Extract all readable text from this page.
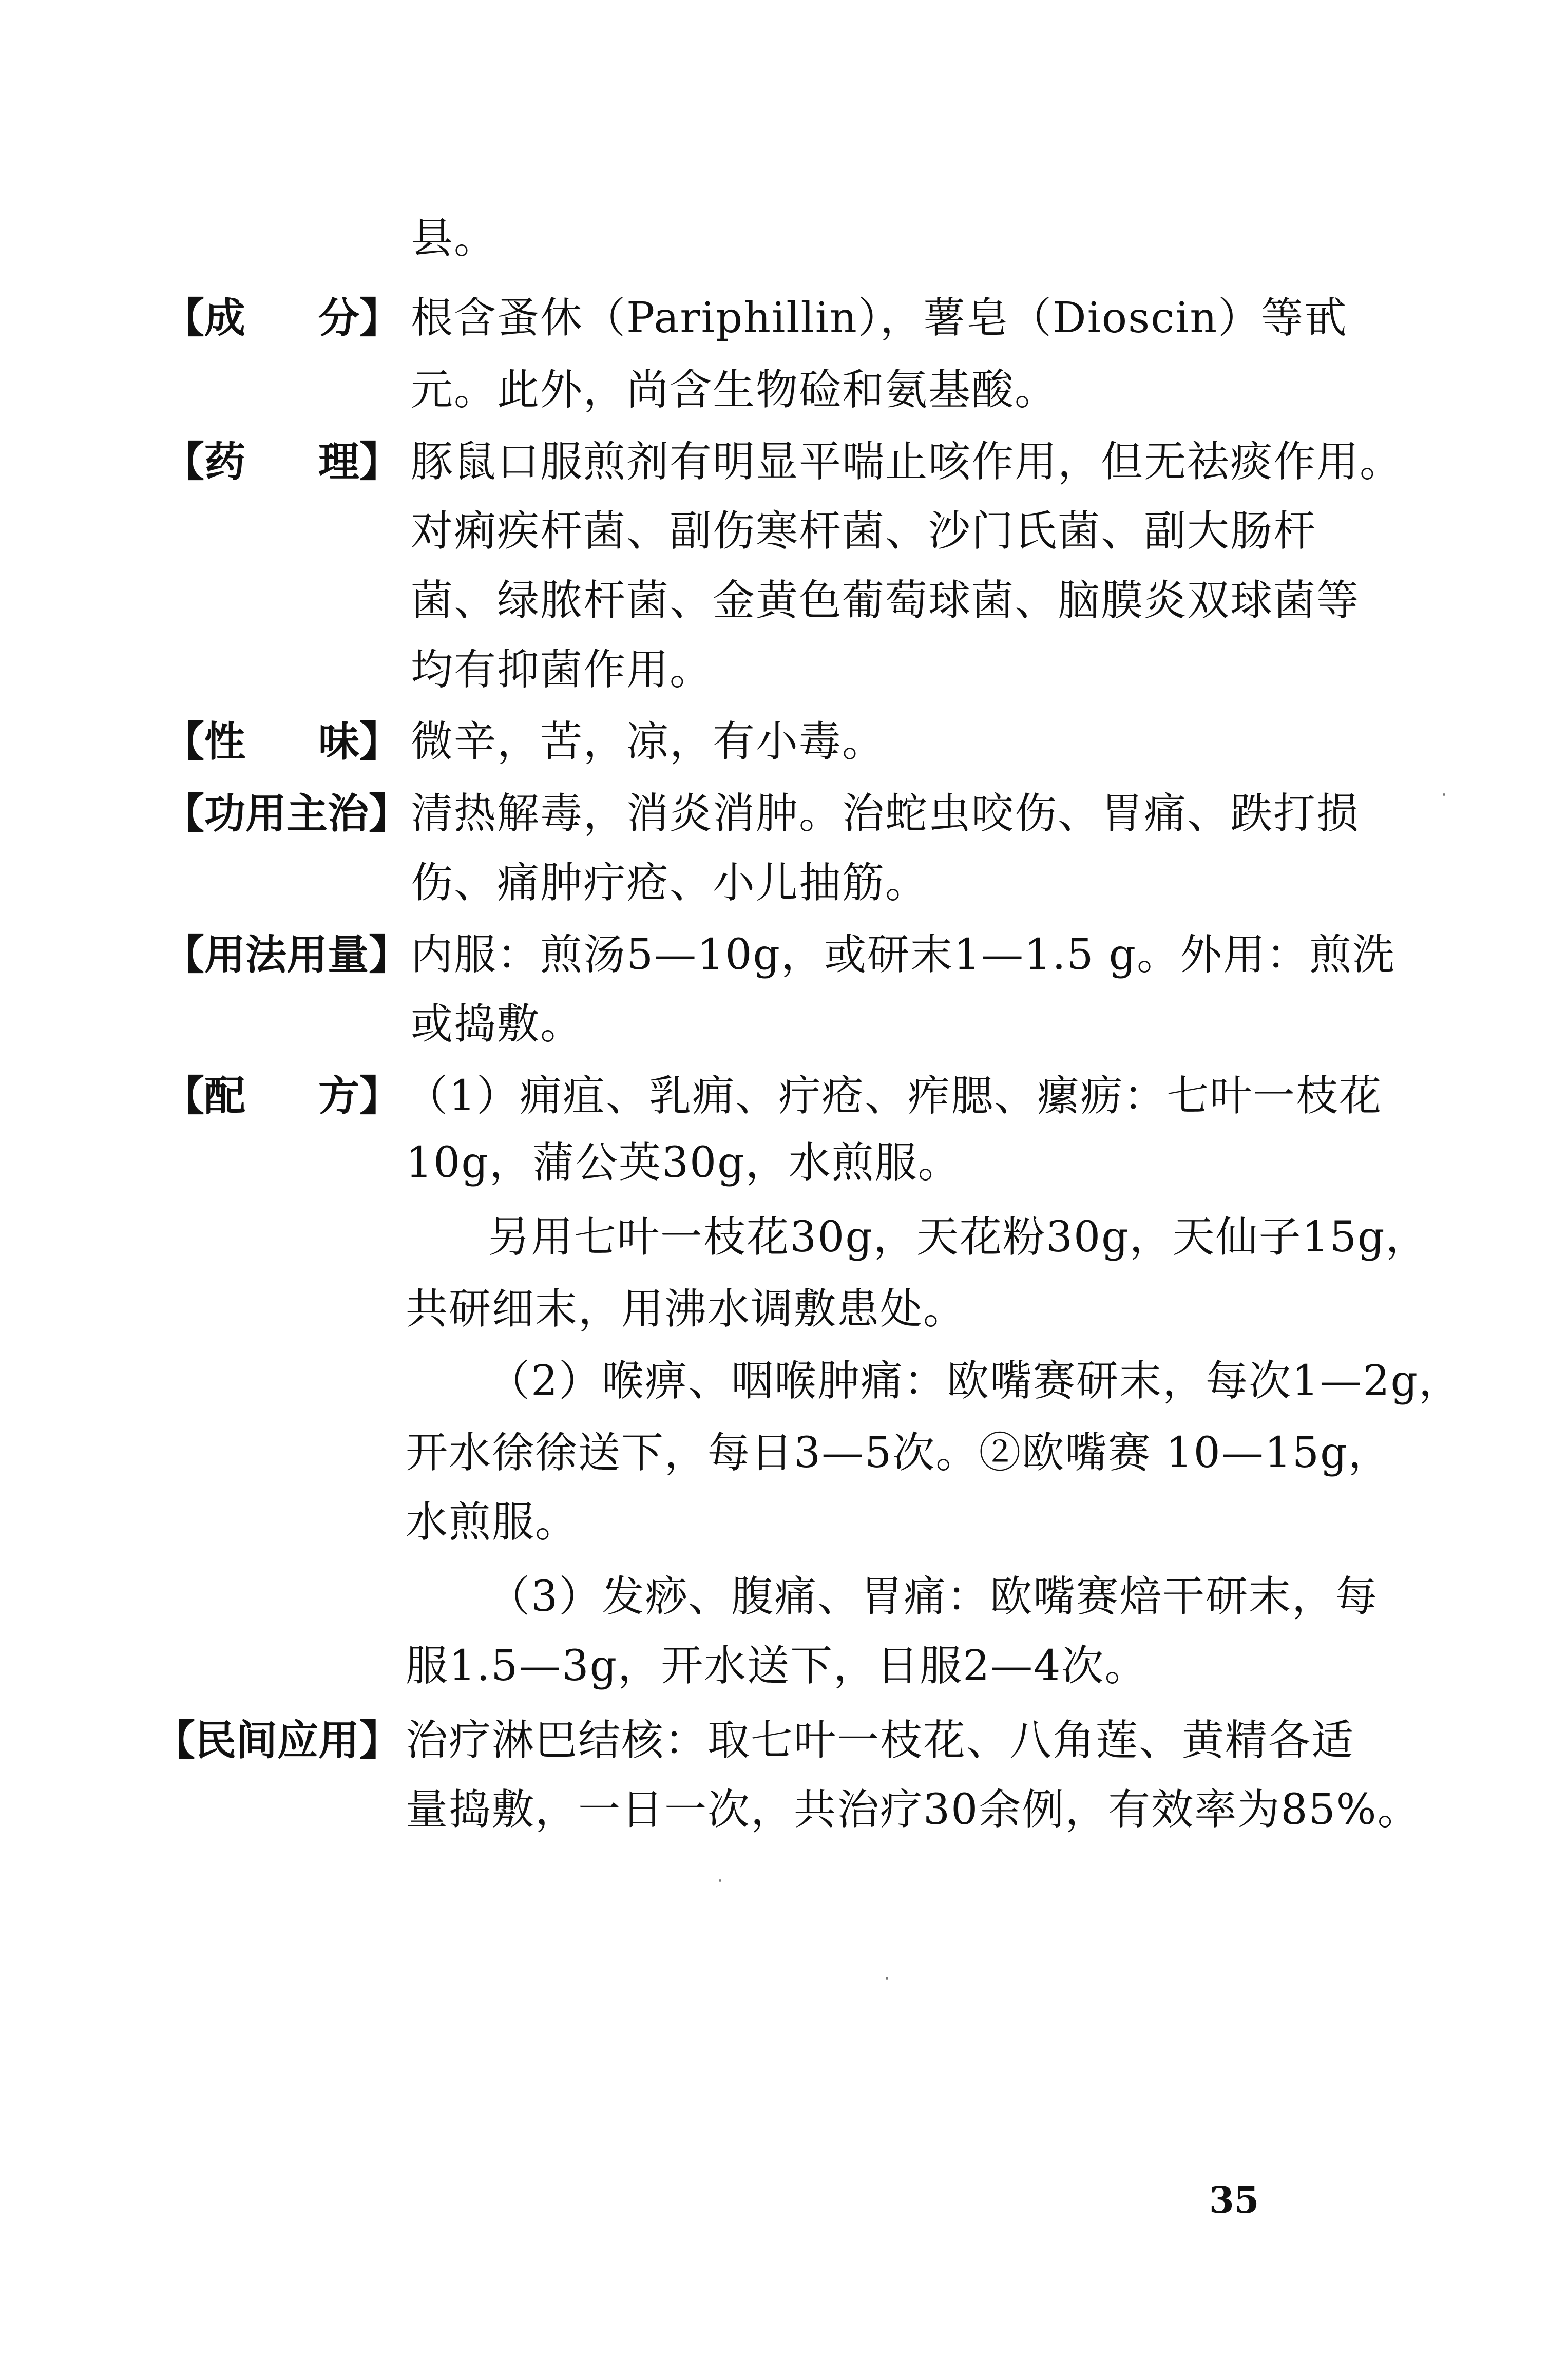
县。
【成 分】 根含蚤休（Pariphillin），薯皂（Dioscin）等甙
元。此外，尚含生物硷和氨基酸。
【药 理】 豚鼠口服煎剂有明显平喘止咳作用，但无祛痰作用。
对痢疾杆菌、副伤寒杆菌、沙门氏菌、副大肠杆
菌、绿脓杆菌、金黄色葡萄球菌、脑膜炎双球菌等
均有抑菌作用。
【性 味】 微辛，苦，凉，有小毒。
【功用主治】 清热解毒，消炎消肿。治蛇虫咬伤、胃痛、跌打损
伤、痛肿疔疮、小儿抽筋。
【用法用量】 内服：煎汤5—10g，或研末1—1.5 g。外用：煎洗
或捣敷。
【配 方】 （1）痈疽、乳痈、疔疮、痄腮、瘰疬：七叶一枝花
10g，蒲公英30g，水煎服。
另用七叶一枝花30g，天花粉30g，天仙子15g，
共研细末，用沸水调敷患处。
（2）喉痹、咽喉肿痛：欧嘴赛研末，每次1—2g，
开水徐徐送下，每日3—5次。②欧嘴赛 10—15g，
水煎服。
（3）发痧、腹痛、胃痛：欧嘴赛焙干研末，每
服1.5—3g，开水送下，日服2—4次。
【民间应用】 治疗淋巴结核：取七叶一枝花、八角莲、黄精各适
量捣敷，一日一次，共治疗30余例，有效率为85%。
35
